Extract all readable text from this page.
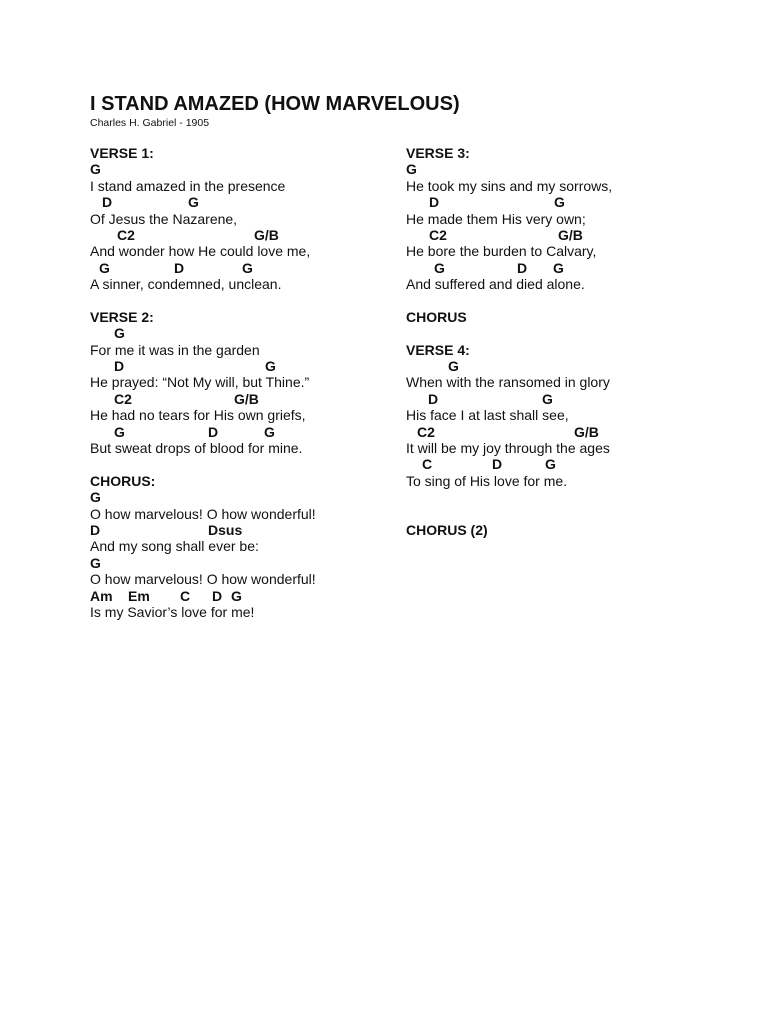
I STAND AMAZED (HOW MARVELOUS)
Charles H. Gabriel - 1905
VERSE 1:
G
I stand amazed in the presence
D	G
Of Jesus the Nazarene,
C2	G/B
And wonder how He could love me,
G	D	G
A sinner, condemned, unclean.
VERSE 2:
G
For me it was in the garden
D	G
He prayed: “Not My will, but Thine.”
C2	G/B
He had no tears for His own griefs,
G	D	G
But sweat drops of blood for mine.
CHORUS:
G
O how marvelous! O how wonderful!
D	Dsus
And my song shall ever be:
G
O how marvelous! O how wonderful!
Am Em C D G
Is my Savior’s love for me!
VERSE 3:
G
He took my sins and my sorrows,
D	G
He made them His very own;
C2	G/B
He bore the burden to Calvary,
G	D G
And suffered and died alone.
CHORUS
VERSE 4:
G
When with the ransomed in glory
D	G
His face I at last shall see,
C2	G/B
It will be my joy through the ages
C	D	G
To sing of His love for me.
CHORUS (2)
